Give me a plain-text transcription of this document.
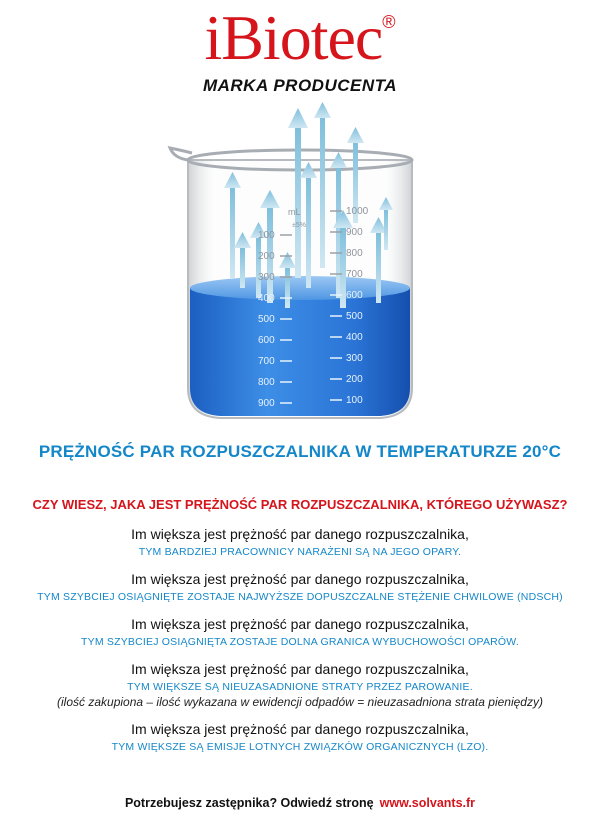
iBiotec®
MARKA PRODUCENTA
mL
±5%
100
200
300
400
500
600
700
800
900
1000
900
800
700
600
500
400
300
200
100
PRĘŻNOŚĆ PAR ROZPUSZCZALNIKA W TEMPERATURZE 20°C
CZY WIESZ, JAKA JEST PRĘŻNOŚĆ PAR ROZPUSZCZALNIKA, KTÓREGO UŻYWASZ?
Im większa jest prężność par danego rozpuszczalnika,
TYM BARDZIEJ PRACOWNICY NARAŻENI SĄ NA JEGO OPARY.
Im większa jest prężność par danego rozpuszczalnika,
TYM SZYBCIEJ OSIĄGNIĘTE ZOSTAJE NAJWYŻSZE DOPUSZCZALNE STĘŻENIE CHWILOWE (NDSCH)
Im większa jest prężność par danego rozpuszczalnika,
TYM SZYBCIEJ OSIĄGNIĘTA ZOSTAJE DOLNA GRANICA WYBUCHOWOŚCI OPARÓW.
Im większa jest prężność par danego rozpuszczalnika,
TYM WIĘKSZE SĄ NIEUZASADNIONE STRATY PRZEZ PAROWANIE.
(ilość zakupiona – ilość wykazana w ewidencji odpadów = nieuzasadniona strata pieniędzy)
Im większa jest prężność par danego rozpuszczalnika,
TYM WIĘKSZE SĄ EMISJE LOTNYCH ZWIĄZKÓW ORGANICZNYCH (LZO).
Potrzebujesz zastępnika? Odwiedź stronę www.solvants.fr
